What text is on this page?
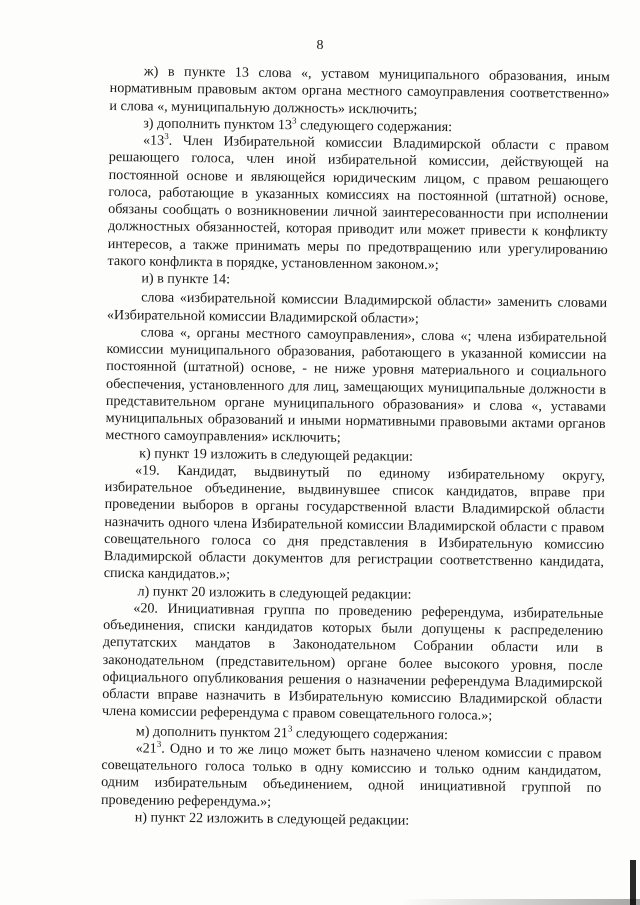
8

ж) в пункте 13 слова «, уставом муниципального образования, иным нормативным правовым актом органа местного самоуправления соответственно» и слова «, муниципальную должность» исключить;

з) дополнить пунктом $13^3$ следующего содержания:

«$13^3$. Член Избирательной комиссии Владимирской области с правом решающего голоса, член иной избирательной комиссии, действующей на постоянной основе и являющейся юридическим лицом, с правом решающего голоса, работающие в указанных комиссиях на постоянной (штатной) основе, обязаны сообщать о возникновении личной заинтересованности при исполнении должностных обязанностей, которая приводит или может привести к конфликту интересов, а также принимать меры по предотвращению или урегулированию такого конфликта в порядке, установленном законом.»;

и) в пункте 14:

слова «избирательной комиссии Владимирской области» заменить словами «Избирательной комиссии Владимирской области»;

слова «, органы местного самоуправления», слова «; члена избирательной комиссии муниципального образования, работающего в указанной комиссии на постоянной (штатной) основе, - не ниже уровня материального и социального обеспечения, установленного для лиц, замещающих муниципальные должности в представительном органе муниципального образования» и слова «, уставами муниципальных образований и иными нормативными правовыми актами органов местного самоуправления» исключить;

к) пункт 19 изложить в следующей редакции:

«19. Кандидат, выдвинутый по единому избирательному округу, избирательное объединение, выдвинувшее список кандидатов, вправе при проведении выборов в органы государственной власти Владимирской области назначить одного члена Избирательной комиссии Владимирской области с правом совещательного голоса со дня представления в Избирательную комиссию Владимирской области документов для регистрации соответственно кандидата, списка кандидатов.»;

л) пункт 20 изложить в следующей редакции:

«20. Инициативная группа по проведению референдума, избирательные объединения, списки кандидатов которых были допущены к распределению депутатских мандатов в Законодательном Собрании области или в законодательном (представительном) органе более высокого уровня, после официального опубликования решения о назначении референдума Владимирской области вправе назначить в Избирательную комиссию Владимирской области члена комиссии референдума с правом совещательного голоса.»;

м) дополнить пунктом $21^3$ следующего содержания:

«$21^3$. Одно и то же лицо может быть назначено членом комиссии с правом совещательного голоса только в одну комиссию и только одним кандидатом, одним избирательным объединением, одной инициативной группой по проведению референдума.»;

н) пункт 22 изложить в следующей редакции:
